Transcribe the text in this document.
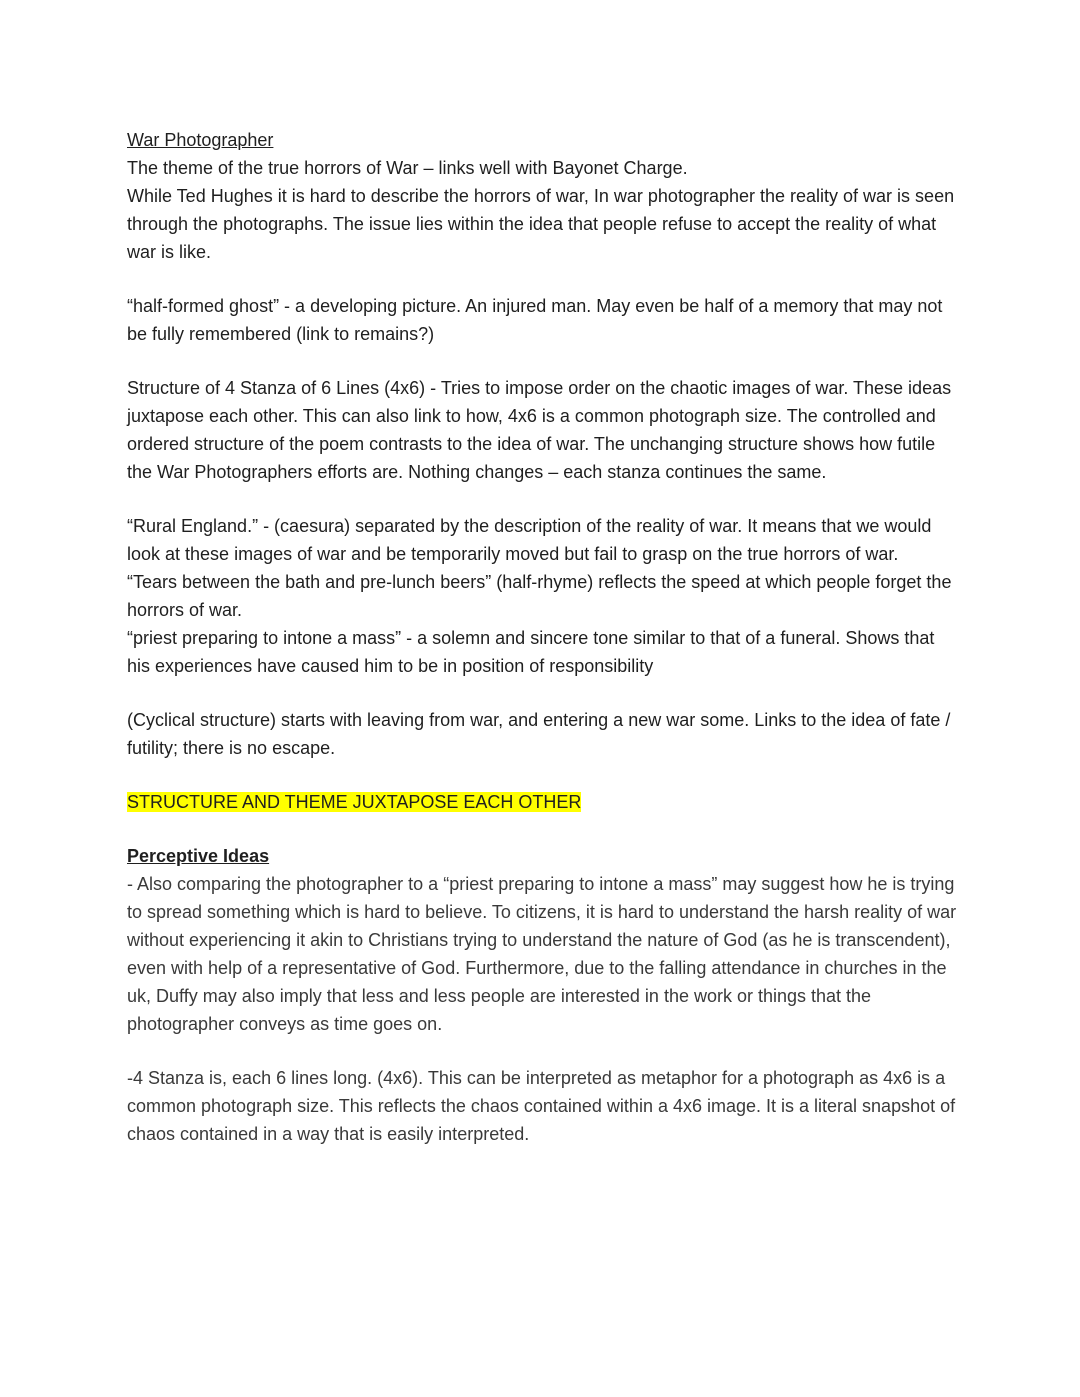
War Photographer

The theme of the true horrors of War – links well with Bayonet Charge.

While Ted Hughes it is hard to describe the horrors of war, In war photographer the reality of war is seen through the photographs. The issue lies within the idea that people refuse to accept the reality of what war is like.

“half-formed ghost” - a developing picture. An injured man. May even be half of a memory that may not be fully remembered (link to remains?)

Structure of 4 Stanza of 6 Lines (4x6) - Tries to impose order on the chaotic images of war. These ideas juxtapose each other. This can also link to how, 4x6 is a common photograph size. The controlled and ordered structure of the poem contrasts to the idea of war. The unchanging structure shows how futile the War Photographers efforts are. Nothing changes – each stanza continues the same.

“Rural England.” - (caesura) separated by the description of the reality of war. It means that we would look at these images of war and be temporarily moved but fail to grasp on the true horrors of war.

“Tears between the bath and pre-lunch beers” (half-rhyme) reflects the speed at which people forget the horrors of war.

“priest preparing to intone a mass” - a solemn and sincere tone similar to that of a funeral. Shows that his experiences have caused him to be in position of responsibility

(Cyclical structure) starts with leaving from war, and entering a new war some. Links to the idea of fate / futility; there is no escape.

STRUCTURE AND THEME JUXTAPOSE EACH OTHER

Perceptive Ideas

- Also comparing the photographer to a “priest preparing to intone a mass” may suggest how he is trying to spread something which is hard to believe. To citizens, it is hard to understand the harsh reality of war without experiencing it akin to Christians trying to understand the nature of God (as he is transcendent), even with help of a representative of God. Furthermore, due to the falling attendance in churches in the uk, Duffy may also imply that less and less people are interested in the work or things that the photographer conveys as time goes on.

-4 Stanza is, each 6 lines long. (4x6). This can be interpreted as metaphor for a photograph as 4x6 is a common photograph size. This reflects the chaos contained within a 4x6 image. It is a literal snapshot of chaos contained in a way that is easily interpreted.
